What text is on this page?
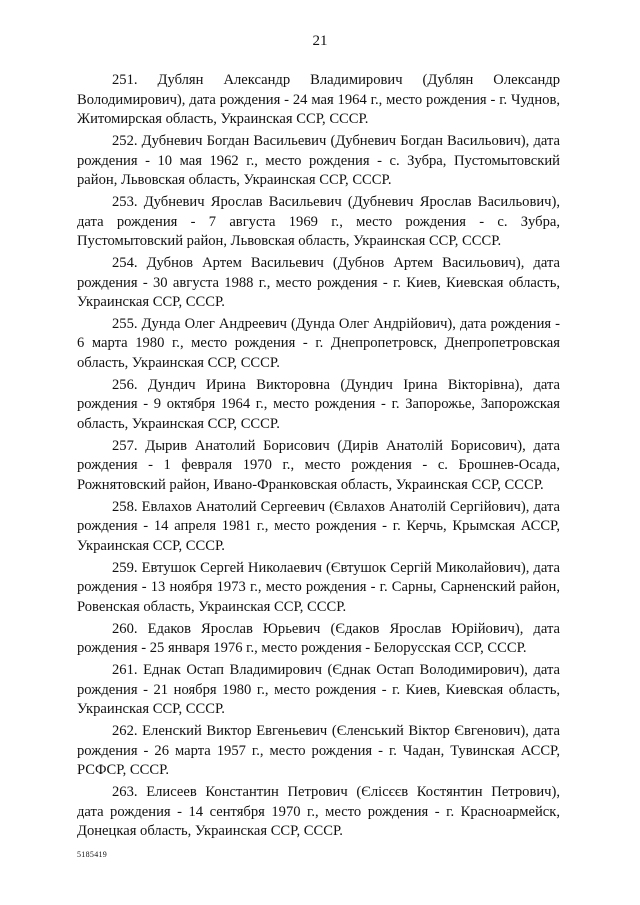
21

251. Дублян Александр Владимирович (Дублян Олександр Володимирович), дата рождения - 24 мая 1964 г., место рождения - г. Чуднов, Житомирская область, Украинская ССР, СССР.

252. Дубневич Богдан Васильевич (Дубневич Богдан Васильович), дата рождения - 10 мая 1962 г., место рождения - с. Зубра, Пустомытовский район, Львовская область, Украинская ССР, СССР.

253. Дубневич Ярослав Васильевич (Дубневич Ярослав Васильович), дата рождения - 7 августа 1969 г., место рождения - с. Зубра, Пустомытовский район, Львовская область, Украинская ССР, СССР.

254. Дубнов Артем Васильевич (Дубнов Артем Васильович), дата рождения - 30 августа 1988 г., место рождения - г. Киев, Киевская область, Украинская ССР, СССР.

255. Дунда Олег Андреевич (Дунда Олег Андрійович), дата рождения - 6 марта 1980 г., место рождения - г. Днепропетровск, Днепропетровская область, Украинская ССР, СССР.

256. Дундич Ирина Викторовна (Дундич Ірина Вікторівна), дата рождения - 9 октября 1964 г., место рождения - г. Запорожье, Запорожская область, Украинская ССР, СССР.

257. Дырив Анатолий Борисович (Дирів Анатолій Борисович), дата рождения - 1 февраля 1970 г., место рождения - с. Брошнев-Осада, Рожнятовский район, Ивано-Франковская область, Украинская ССР, СССР.

258. Евлахов Анатолий Сергеевич (Євлахов Анатолій Сергійович), дата рождения - 14 апреля 1981 г., место рождения - г. Керчь, Крымская АССР, Украинская ССР, СССР.

259. Евтушок Сергей Николаевич (Євтушок Сергій Миколайович), дата рождения - 13 ноября 1973 г., место рождения - г. Сарны, Сарненский район, Ровенская область, Украинская ССР, СССР.

260. Едаков Ярослав Юрьевич (Єдаков Ярослав Юрійович), дата рождения - 25 января 1976 г., место рождения - Белорусская ССР, СССР.

261. Еднак Остап Владимирович (Єднак Остап Володимирович), дата рождения - 21 ноября 1980 г., место рождения - г. Киев, Киевская область, Украинская ССР, СССР.

262. Еленский Виктор Евгеньевич (Єленський Віктор Євгенович), дата рождения - 26 марта 1957 г., место рождения - г. Чадан, Тувинская АССР, РСФСР, СССР.

263. Елисеев Константин Петрович (Єлісєєв Костянтин Петрович), дата рождения - 14 сентября 1970 г., место рождения - г. Красноармейск, Донецкая область, Украинская ССР, СССР.

5185419
